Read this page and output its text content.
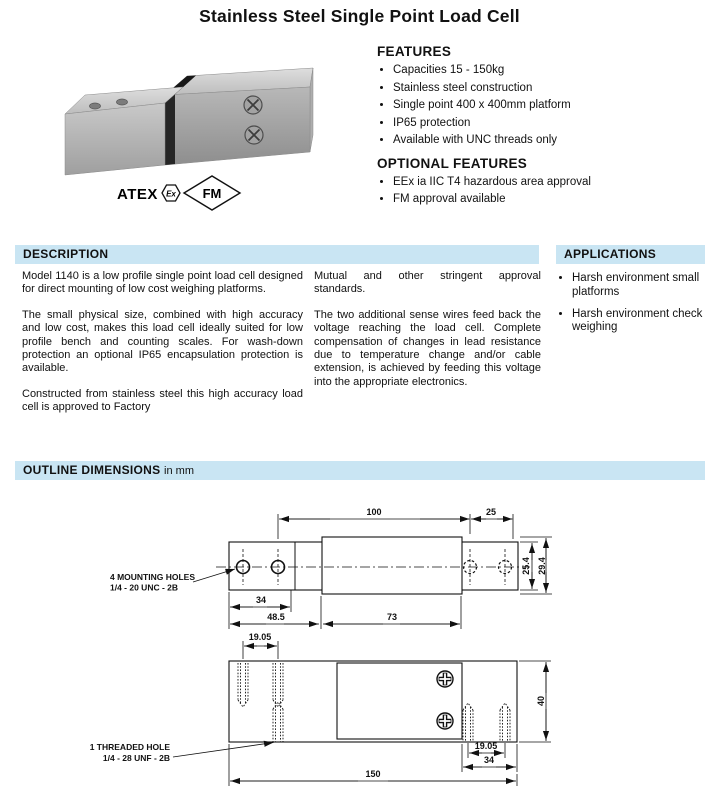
Stainless Steel Single Point Load Cell
ATEX Ex FM
FEATURES
• Capacities 15 - 150kg
• Stainless steel construction
• Single point 400 x 400mm platform
• IP65 protection
• Available with UNC threads only
OPTIONAL FEATURES
• EEx ia IIC T4 hazardous area approval
• FM approval available
DESCRIPTION	APPLICATIONS

Model 1140 is a low profile single point load cell designed for direct mounting of low cost weighing platforms.

The small physical size, combined with high accuracy and low cost, makes this load cell ideally suited for low profile bench and counting scales. For wash-down protection an optional IP65 encapsulation protection is available.

Constructed from stainless steel this high accuracy load cell is approved to Factory

Mutual and other stringent approval standards.

The two additional sense wires feed back the voltage reaching the load cell. Complete compensation of changes in lead resistance due to temperature change and/or cable extension, is achieved by feeding this voltage into the appropriate electronics.

• Harsh environment small platforms
• Harsh environment check weighing
OUTLINE DIMENSIONS in mm
100	25
25.4 29.4
34
48.5	73
4 MOUNTING HOLES
1/4 - 20 UNC - 2B
19.05
40
19.05
34
150
1 THREADED HOLE
1/4 - 28 UNF - 2B
